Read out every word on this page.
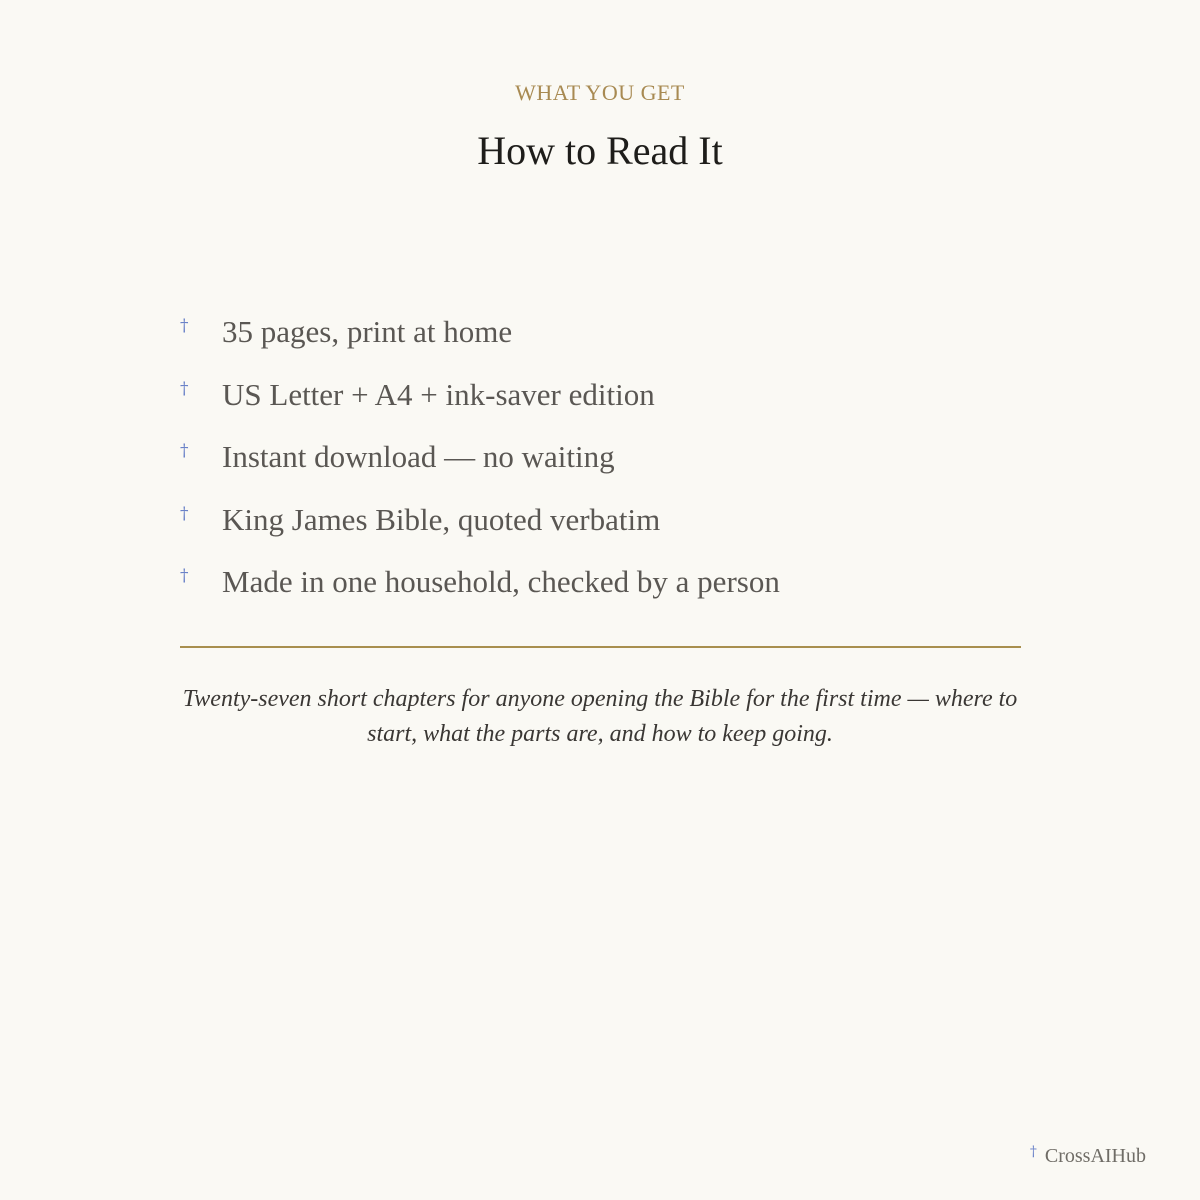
WHAT YOU GET
How to Read It
† 35 pages, print at home
† US Letter + A4 + ink-saver edition
† Instant download — no waiting
† King James Bible, quoted verbatim
† Made in one household, checked by a person

Twenty-seven short chapters for anyone opening the Bible for the first time — where to start, what the parts are, and how to keep going.

† CrossAIHub
